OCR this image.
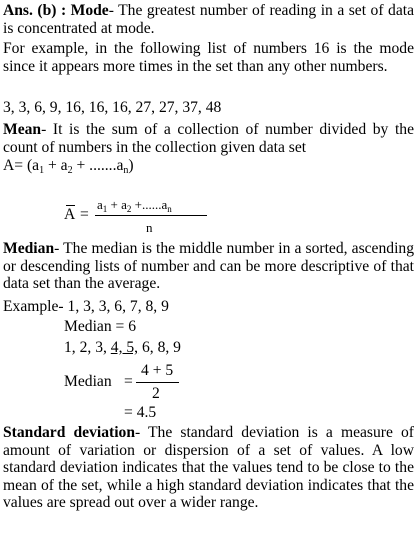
Ans. (b) : Mode- The greatest number of reading in a set of data is concentrated at mode.

For example, in the following list of numbers 16 is the mode since it appears more times in the set than any other numbers.

3, 3, 6, 9, 16, 16, 16, 27, 27, 37, 48

Mean- It is the sum of a collection of number divided by the count of numbers in the collection given data set

$A= (a_1 + a_2 + .......a_n)$
A =
$a_1 + a_2 +......a_n$
n

Median- The median is the middle number in a sorted, ascending or descending lists of number and can be more descriptive of that data set than the average.

Example- 1, 3, 3, 6, 7, 8, 9
Median = 6
1, 2, 3, 4, 5, 6, 8, 9
Median =
4 + 5
2
= 4.5

Standard deviation- The standard deviation is a measure of amount of variation or dispersion of a set of values. A low standard deviation indicates that the values tend to be close to the mean of the set, while a high standard deviation indicates that the values are spread out over a wider range.
